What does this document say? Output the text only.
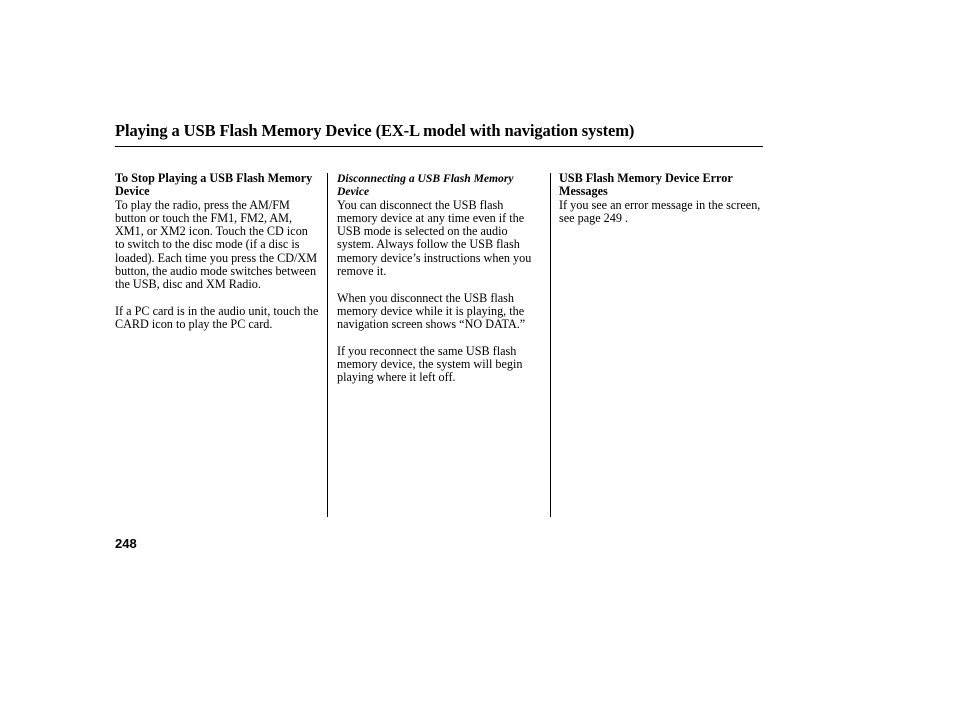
Playing a USB Flash Memory Device (EX-L model with navigation system)

To Stop Playing a USB Flash Memory Device

To play the radio, press the AM/FM button or touch the FM1, FM2, AM, XM1, or XM2 icon. Touch the CD icon to switch to the disc mode (if a disc is loaded). Each time you press the CD/XM button, the audio mode switches between the USB, disc and XM Radio.

If a PC card is in the audio unit, touch the CARD icon to play the PC card.

Disconnecting a USB Flash Memory Device

You can disconnect the USB flash memory device at any time even if the USB mode is selected on the audio system. Always follow the USB flash memory device’s instructions when you remove it.

When you disconnect the USB flash memory device while it is playing, the navigation screen shows “NO DATA.”

If you reconnect the same USB flash memory device, the system will begin playing where it left off.

USB Flash Memory Device Error Messages

If you see an error message in the screen, see page 249 .

248
